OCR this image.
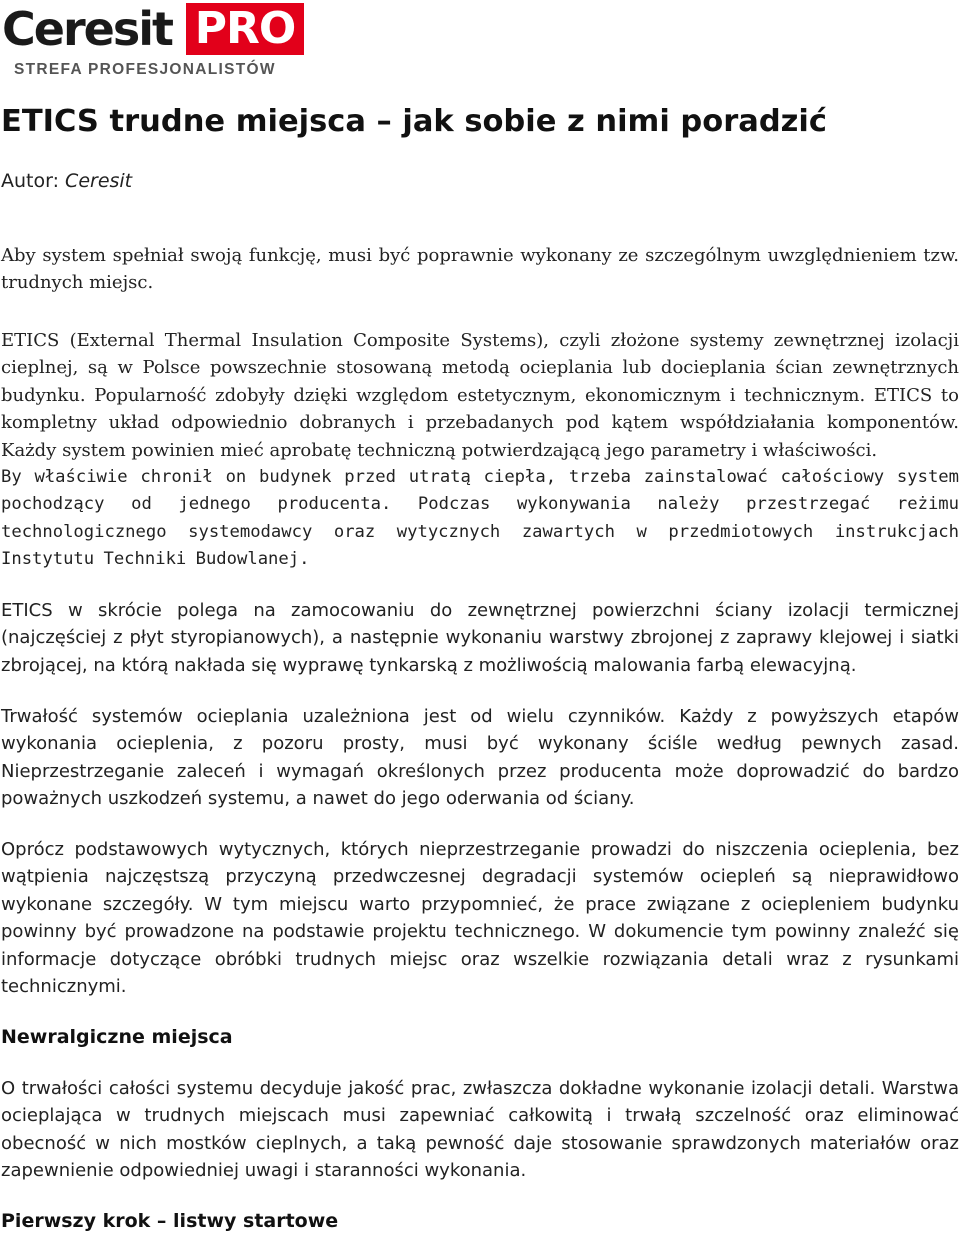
Ceresit PRO
STREFA PROFESJONALISTÓW
ETICS trudne miejsca – jak sobie z nimi poradzić
Autor: Ceresit

Aby system spełniał swoją funkcję, musi być poprawnie wykonany ze szczególnym uwzględnieniem tzw. trudnych miejsc.

ETICS (External Thermal Insulation Composite Systems), czyli złożone systemy zewnętrznej izolacji cieplnej, są w Polsce powszechnie stosowaną metodą ocieplania lub docieplania ścian zewnętrznych budynku. Popularność zdobyły dzięki względom estetycznym, ekonomicznym i technicznym. ETICS to kompletny układ odpowiednio dobranych i przebadanych pod kątem współdziałania komponentów. Każdy system powinien mieć aprobatę techniczną potwierdzającą jego parametry i właściwości.

By właściwie chronił on budynek przed utratą ciepła, trzeba zainstalować całościowy system pochodzący od jednego producenta. Podczas wykonywania należy przestrzegać reżimu technologicznego systemodawcy oraz wytycznych zawartych w przedmiotowych instrukcjach Instytutu Techniki Budowlanej.

ETICS w skrócie polega na zamocowaniu do zewnętrznej powierzchni ściany izolacji termicznej (najczęściej z płyt styropianowych), a następnie wykonaniu warstwy zbrojonej z zaprawy klejowej i siatki zbrojącej, na którą nakłada się wyprawę tynkarską z możliwością malowania farbą elewacyjną.

Trwałość systemów ocieplania uzależniona jest od wielu czynników. Każdy z powyższych etapów wykonania ocieplenia, z pozoru prosty, musi być wykonany ściśle według pewnych zasad. Nieprzestrzeganie zaleceń i wymagań określonych przez producenta może doprowadzić do bardzo poważnych uszkodzeń systemu, a nawet do jego oderwania od ściany.

Oprócz podstawowych wytycznych, których nieprzestrzeganie prowadzi do niszczenia ocieplenia, bez wątpienia najczęstszą przyczyną przedwczesnej degradacji systemów ociepleń są nieprawidłowo wykonane szczegóły. W tym miejscu warto przypomnieć, że prace związane z ociepleniem budynku powinny być prowadzone na podstawie projektu technicznego. W dokumencie tym powinny znaleźć się informacje dotyczące obróbki trudnych miejsc oraz wszelkie rozwiązania detali wraz z rysunkami technicznymi.

Newralgiczne miejsca

O trwałości całości systemu decyduje jakość prac, zwłaszcza dokładne wykonanie izolacji detali. Warstwa ocieplająca w trudnych miejscach musi zapewniać całkowitą i trwałą szczelność oraz eliminować obecność w nich mostków cieplnych, a taką pewność daje stosowanie sprawdzonych materiałów oraz zapewnienie odpowiedniej uwagi i staranności wykonania.

Pierwszy krok – listwy startowe
